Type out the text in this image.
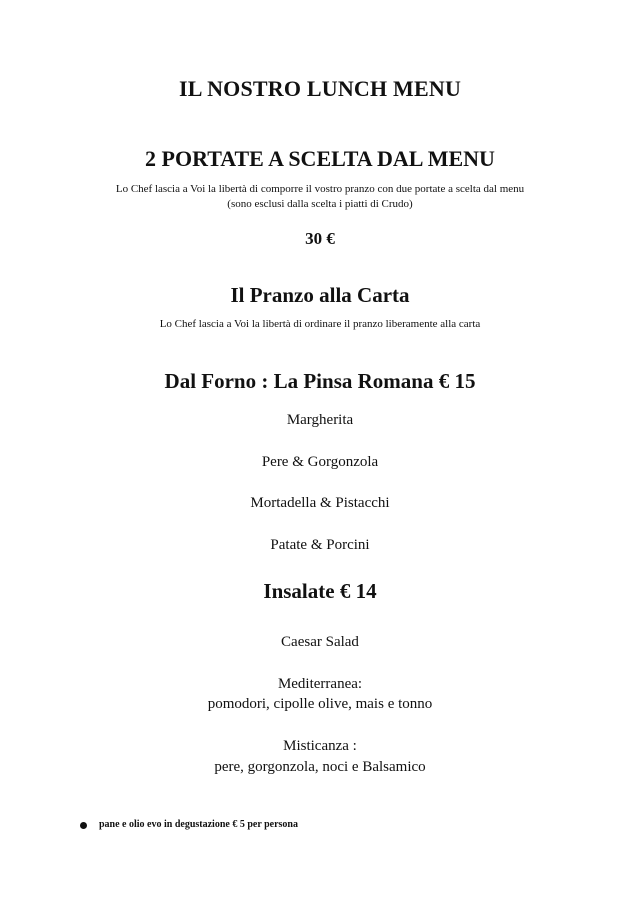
IL NOSTRO LUNCH MENU
2 PORTATE A SCELTA DAL MENU
Lo Chef lascia a Voi la libertà di comporre il vostro pranzo con due portate a scelta dal menu
(sono esclusi dalla scelta i piatti di Crudo)
30 €
Il Pranzo alla Carta
Lo Chef lascia a Voi la libertà di ordinare il pranzo liberamente alla carta
Dal Forno : La Pinsa Romana € 15
Margherita
Pere & Gorgonzola
Mortadella & Pistacchi
Patate & Porcini
Insalate € 14
Caesar Salad
Mediterranea:
pomodori, cipolle olive, mais e tonno
Misticanza :
pere, gorgonzola, noci e Balsamico
pane e olio evo in degustazione € 5 per persona
